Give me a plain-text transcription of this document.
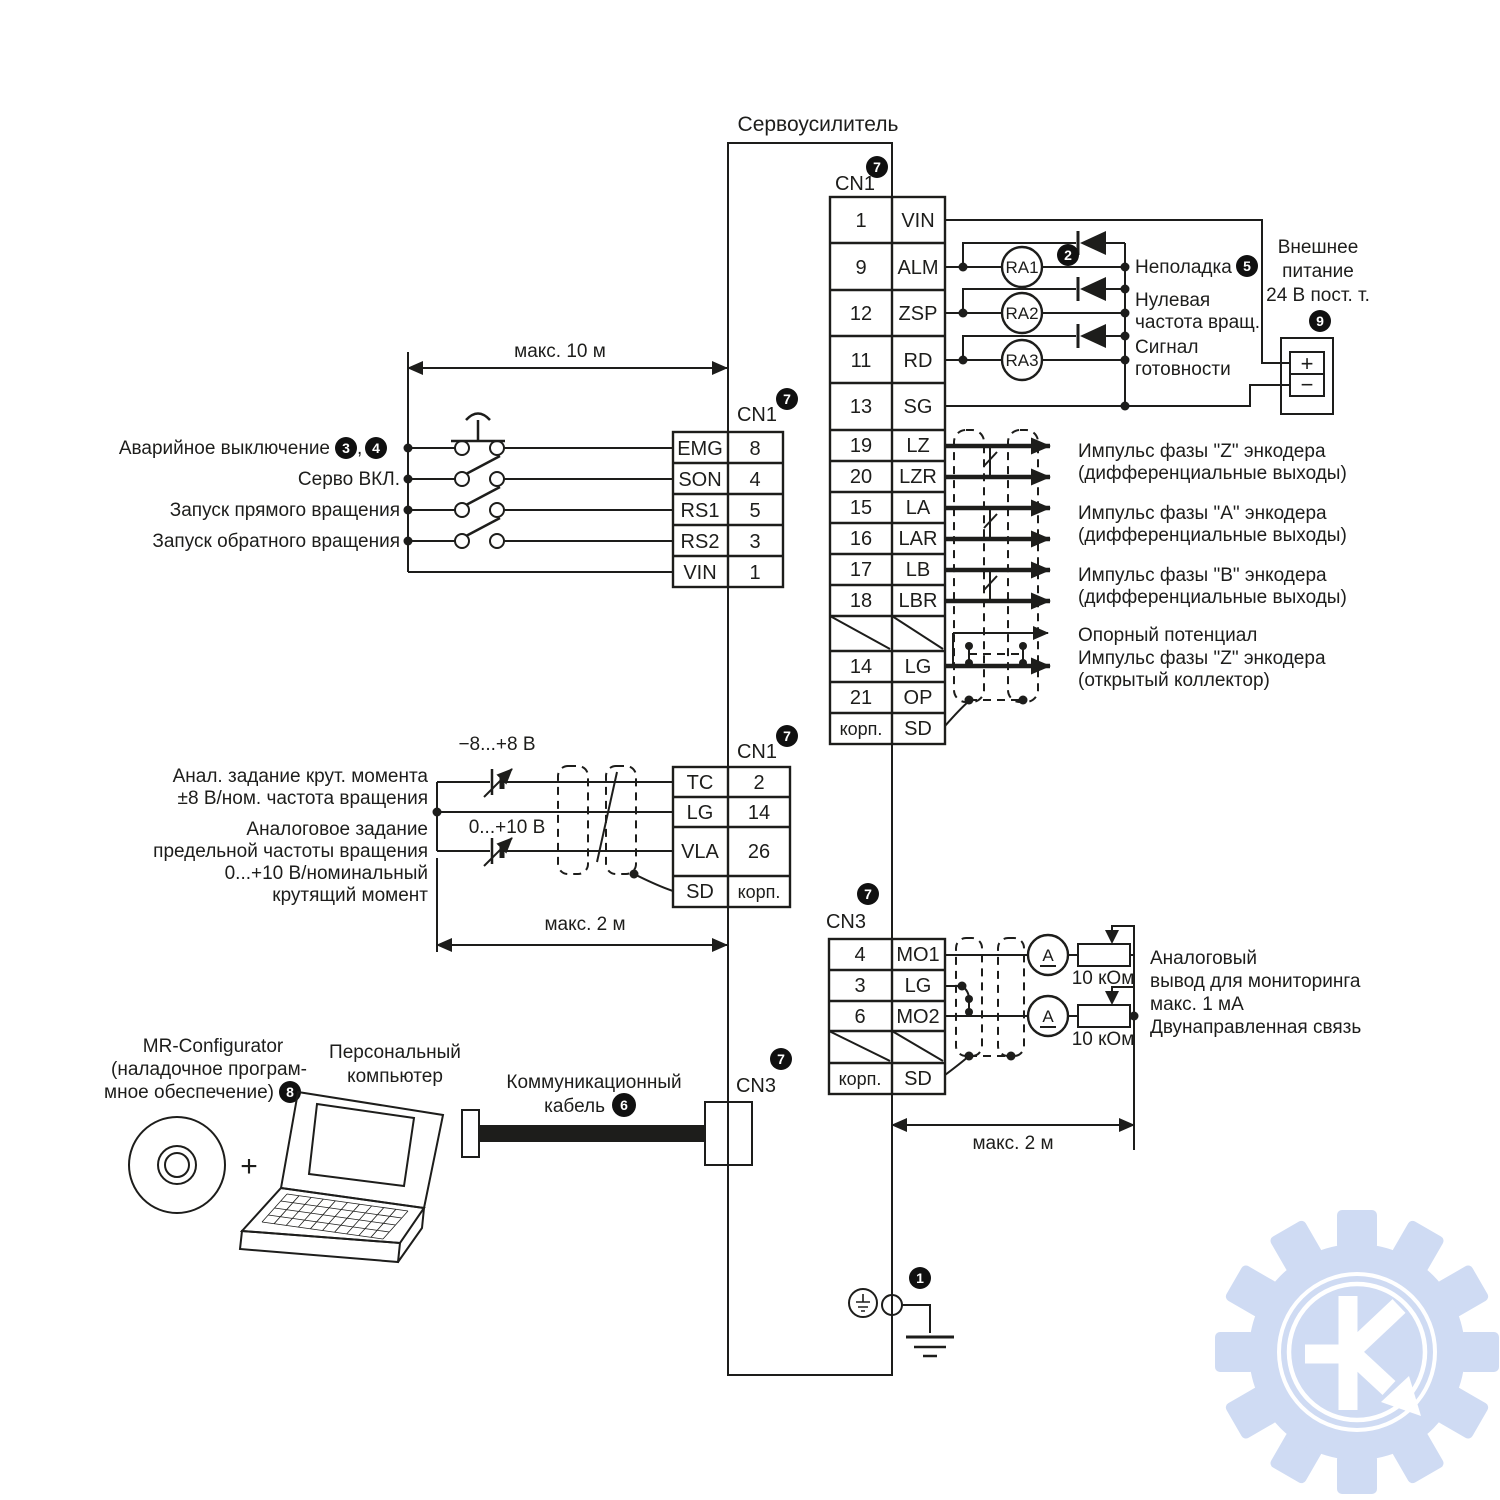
Сервоусилитель
7
CN1
1 VIN
9 ALM
12 ZSP
11 RD
13 SG
19 LZ
20 LZR
15 LA
16 LAR
17 LB
18 LBR
14 LG
21 OP
корп. SD
RA1
2
RA2
RA3
Неполадка 5
Нулевая
частота вращ.
Сигнал
готовности
Внешнее
питание
24 В пост. т.
9
+
−
Импульс фазы "Z" энкодера
(дифференциальные выходы)
Импульс фазы "A" энкодера
(дифференциальные выходы)
Импульс фазы "B" энкодера
(дифференциальные выходы)
Опорный потенциал
Импульс фазы "Z" энкодера
(открытый коллектор)
7
CN1
EMG 8
SON 4
RS1 5
RS2 3
VIN 1
макс. 10 м
Аварийное выключение 3 , 4
Серво ВКЛ.
Запуск прямого вращения
Запуск обратного вращения
7
CN1
TC 2
LG 14
VLA 26
SD корп.
−8...+8 В
0...+10 В
Анал. задание крут. момента
±8 В/ном. частота вращения
Аналоговое задание
предельной частоты вращения
0...+10 В/номинальный
крутящий момент
макс. 2 м
7
CN3
4 MO1
3 LG
6 MO2
корп. SD
A
10 кОм
A
10 кОм
макс. 2 м
Аналоговый
вывод для мониторинга
макс. 1 мА
Двунаправленная связь
MR-Configurator
(наладочное програм-
мное обеспечение) 8
Персональный
компьютер
+
Коммуникационный
кабель 6
7
CN3
1
